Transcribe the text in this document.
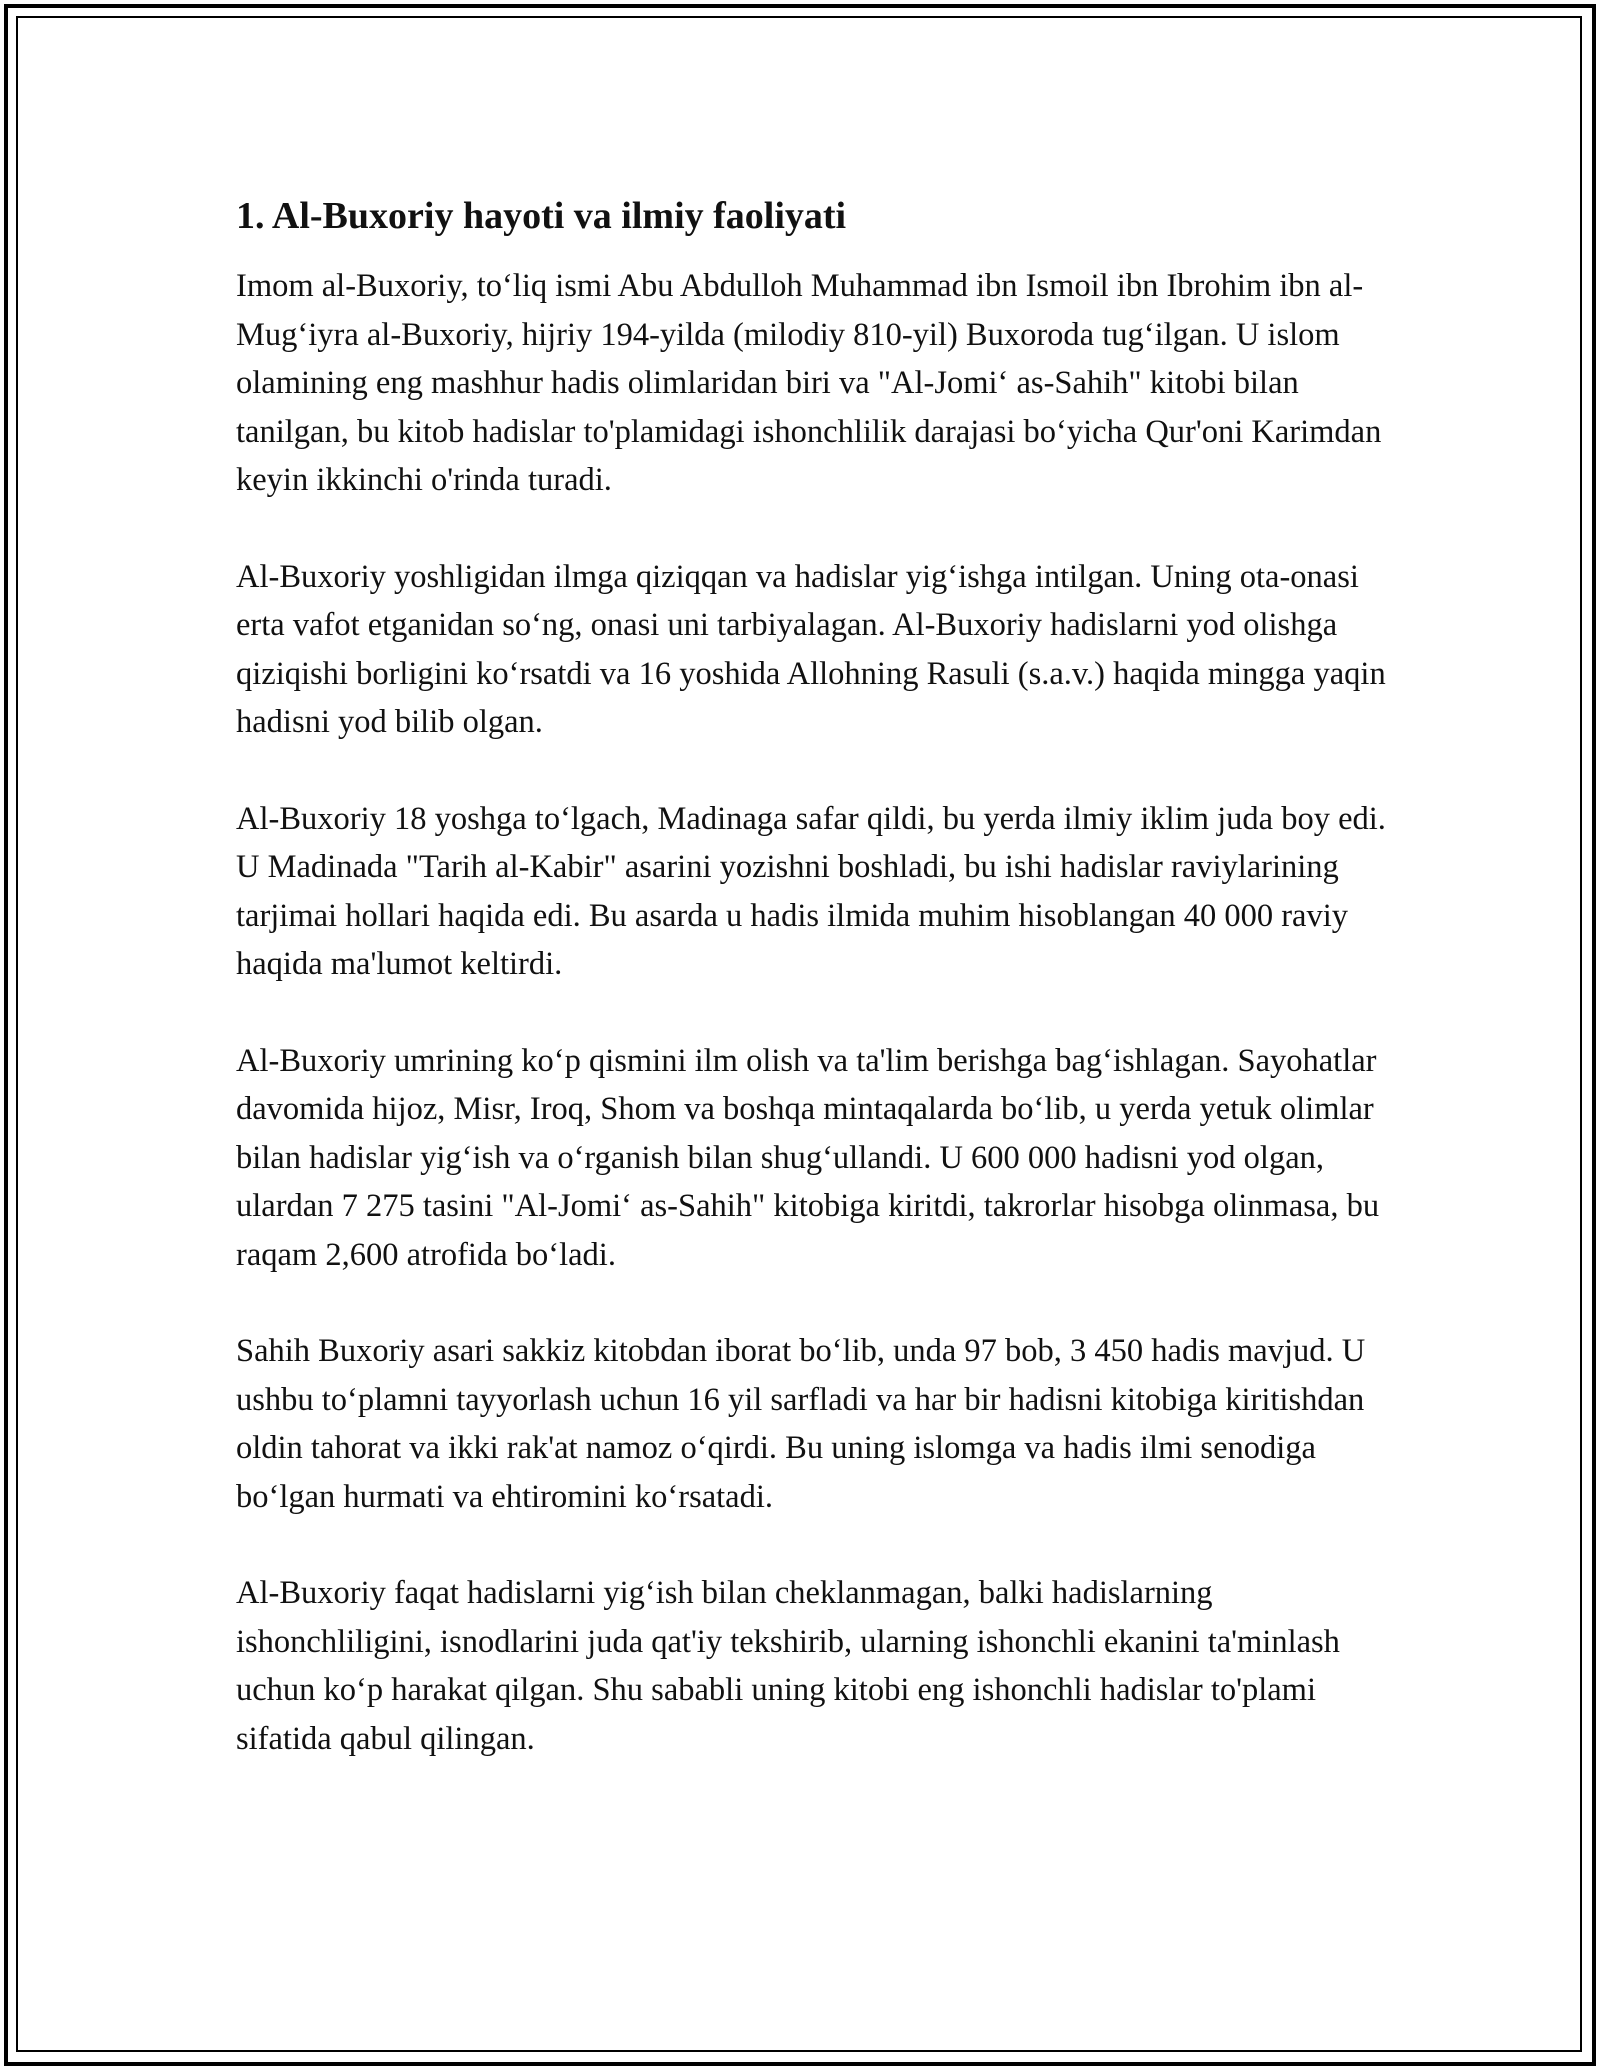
1. Al-Buxoriy hayoti va ilmiy faoliyati

Imom al-Buxoriy, to‘liq ismi Abu Abdulloh Muhammad ibn Ismoil ibn Ibrohim ibn al-Mug‘iyra al-Buxoriy, hijriy 194-yilda (milodiy 810-yil) Buxoroda tug‘ilgan. U islom olamining eng mashhur hadis olimlaridan biri va "Al-Jomi‘ as-Sahih" kitobi bilan tanilgan, bu kitob hadislar to'plamidagi ishonchlilik darajasi bo‘yicha Qur'oni Karimdan keyin ikkinchi o'rinda turadi.

Al-Buxoriy yoshligidan ilmga qiziqqan va hadislar yig‘ishga intilgan. Uning ota-onasi erta vafot etganidan so‘ng, onasi uni tarbiyalagan. Al-Buxoriy hadislarni yod olishga qiziqishi borligini ko‘rsatdi va 16 yoshida Allohning Rasuli (s.a.v.) haqida mingga yaqin hadisni yod bilib olgan.

Al-Buxoriy 18 yoshga to‘lgach, Madinaga safar qildi, bu yerda ilmiy iklim juda boy edi. U Madinada "Tarih al-Kabir" asarini yozishni boshladi, bu ishi hadislar raviylarining tarjimai hollari haqida edi. Bu asarda u hadis ilmida muhim hisoblangan 40 000 raviy haqida ma'lumot keltirdi.

Al-Buxoriy umrining ko‘p qismini ilm olish va ta'lim berishga bag‘ishlagan. Sayohatlar davomida hijoz, Misr, Iroq, Shom va boshqa mintaqalarda bo‘lib, u yerda yetuk olimlar bilan hadislar yig‘ish va o‘rganish bilan shug‘ullandi. U 600 000 hadisni yod olgan, ulardan 7 275 tasini "Al-Jomi‘ as-Sahih" kitobiga kiritdi, takrorlar hisobga olinmasa, bu raqam 2,600 atrofida bo‘ladi.

Sahih Buxoriy asari sakkiz kitobdan iborat bo‘lib, unda 97 bob, 3 450 hadis mavjud. U ushbu to‘plamni tayyorlash uchun 16 yil sarfladi va har bir hadisni kitobiga kiritishdan oldin tahorat va ikki rak'at namoz o‘qirdi. Bu uning islomga va hadis ilmi senodiga bo‘lgan hurmati va ehtiromini ko‘rsatadi.

Al-Buxoriy faqat hadislarni yig‘ish bilan cheklanmagan, balki hadislarning ishonchliligini, isnodlarini juda qat'iy tekshirib, ularning ishonchli ekanini ta'minlash uchun ko‘p harakat qilgan. Shu sababli uning kitobi eng ishonchli hadislar to'plami sifatida qabul qilingan.
